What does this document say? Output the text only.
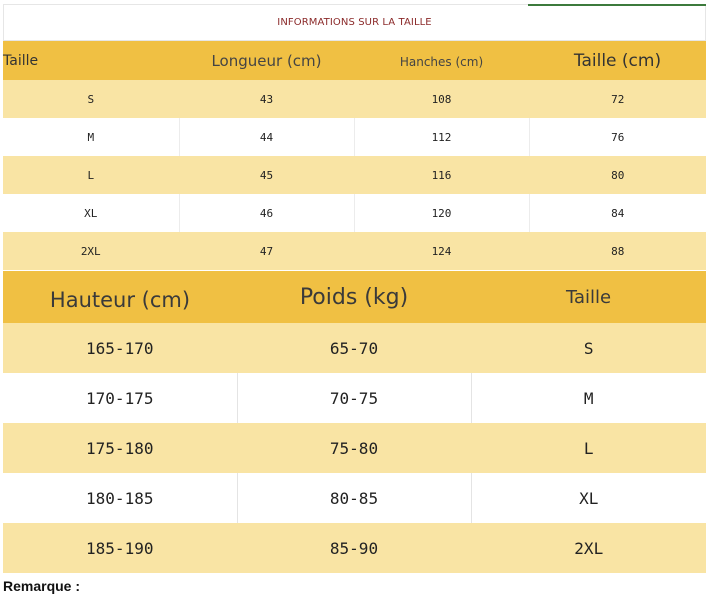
INFORMATIONS SUR LA TAILLE
Taille	Longueur (cm)	Hanches (cm)	Taille (cm)
S	43	108	72
M	44	112	76
L	45	116	80
XL	46	120	84
2XL	47	124	88
Hauteur (cm)	Poids (kg)	Taille
165-170	65-70	S
170-175	70-75	M
175-180	75-80	L
180-185	80-85	XL
185-190	85-90	2XL
Remarque :
